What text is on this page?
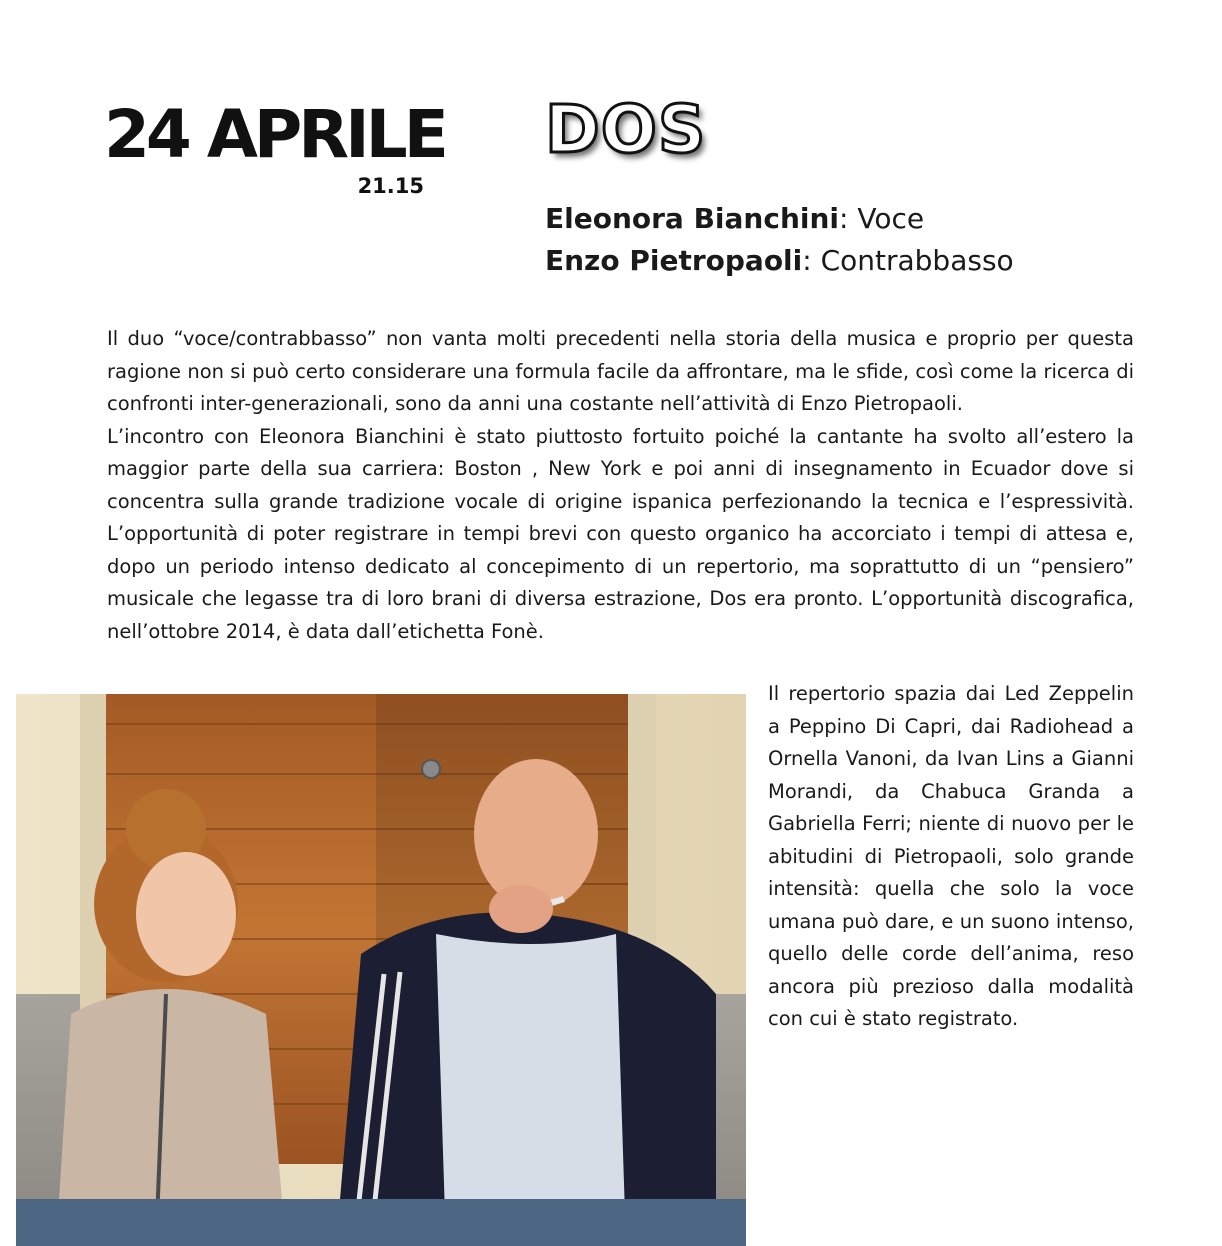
24 APRILE
21.15
DOS
Eleonora Bianchini: Voce
Enzo Pietropaoli: Contrabbasso

Il duo “voce/contrabbasso” non vanta molti precedenti nella storia della musica e proprio per questa ragione non si può certo considerare una formula facile da affrontare, ma le sfide, così come la ricerca di confronti inter-generazionali, sono da anni una costante nell’attività di Enzo Pietropaoli.

L’incontro con Eleonora Bianchini è stato piuttosto fortuito poiché la cantante ha svolto all’estero la maggior parte della sua carriera: Boston , New York e poi anni di insegnamento in Ecuador dove si concentra sulla grande tradizione vocale di origine ispanica perfezionando la tecnica e l’espressività. L’opportunità di poter registrare in tempi brevi con questo organico ha accorciato i tempi di attesa e, dopo un periodo intenso dedicato al concepimento di un repertorio, ma soprattutto di un “pensiero” musicale che legasse tra di loro brani di diversa estrazione, Dos era pronto. L’opportunità discografica, nell’ottobre 2014, è data dall’etichetta Fonè.

Il repertorio spazia dai Led Zeppelin a Peppino Di Capri, dai Radiohead a Ornella Vanoni, da Ivan Lins a Gianni Morandi, da Chabuca Granda a Gabriella Ferri; niente di nuovo per le abitudini di Pietropaoli, solo grande intensità: quella che solo la voce umana può dare, e un suono intenso, quello delle corde dell’anima, reso ancora più prezioso dalla modalità con cui è stato registrato.
